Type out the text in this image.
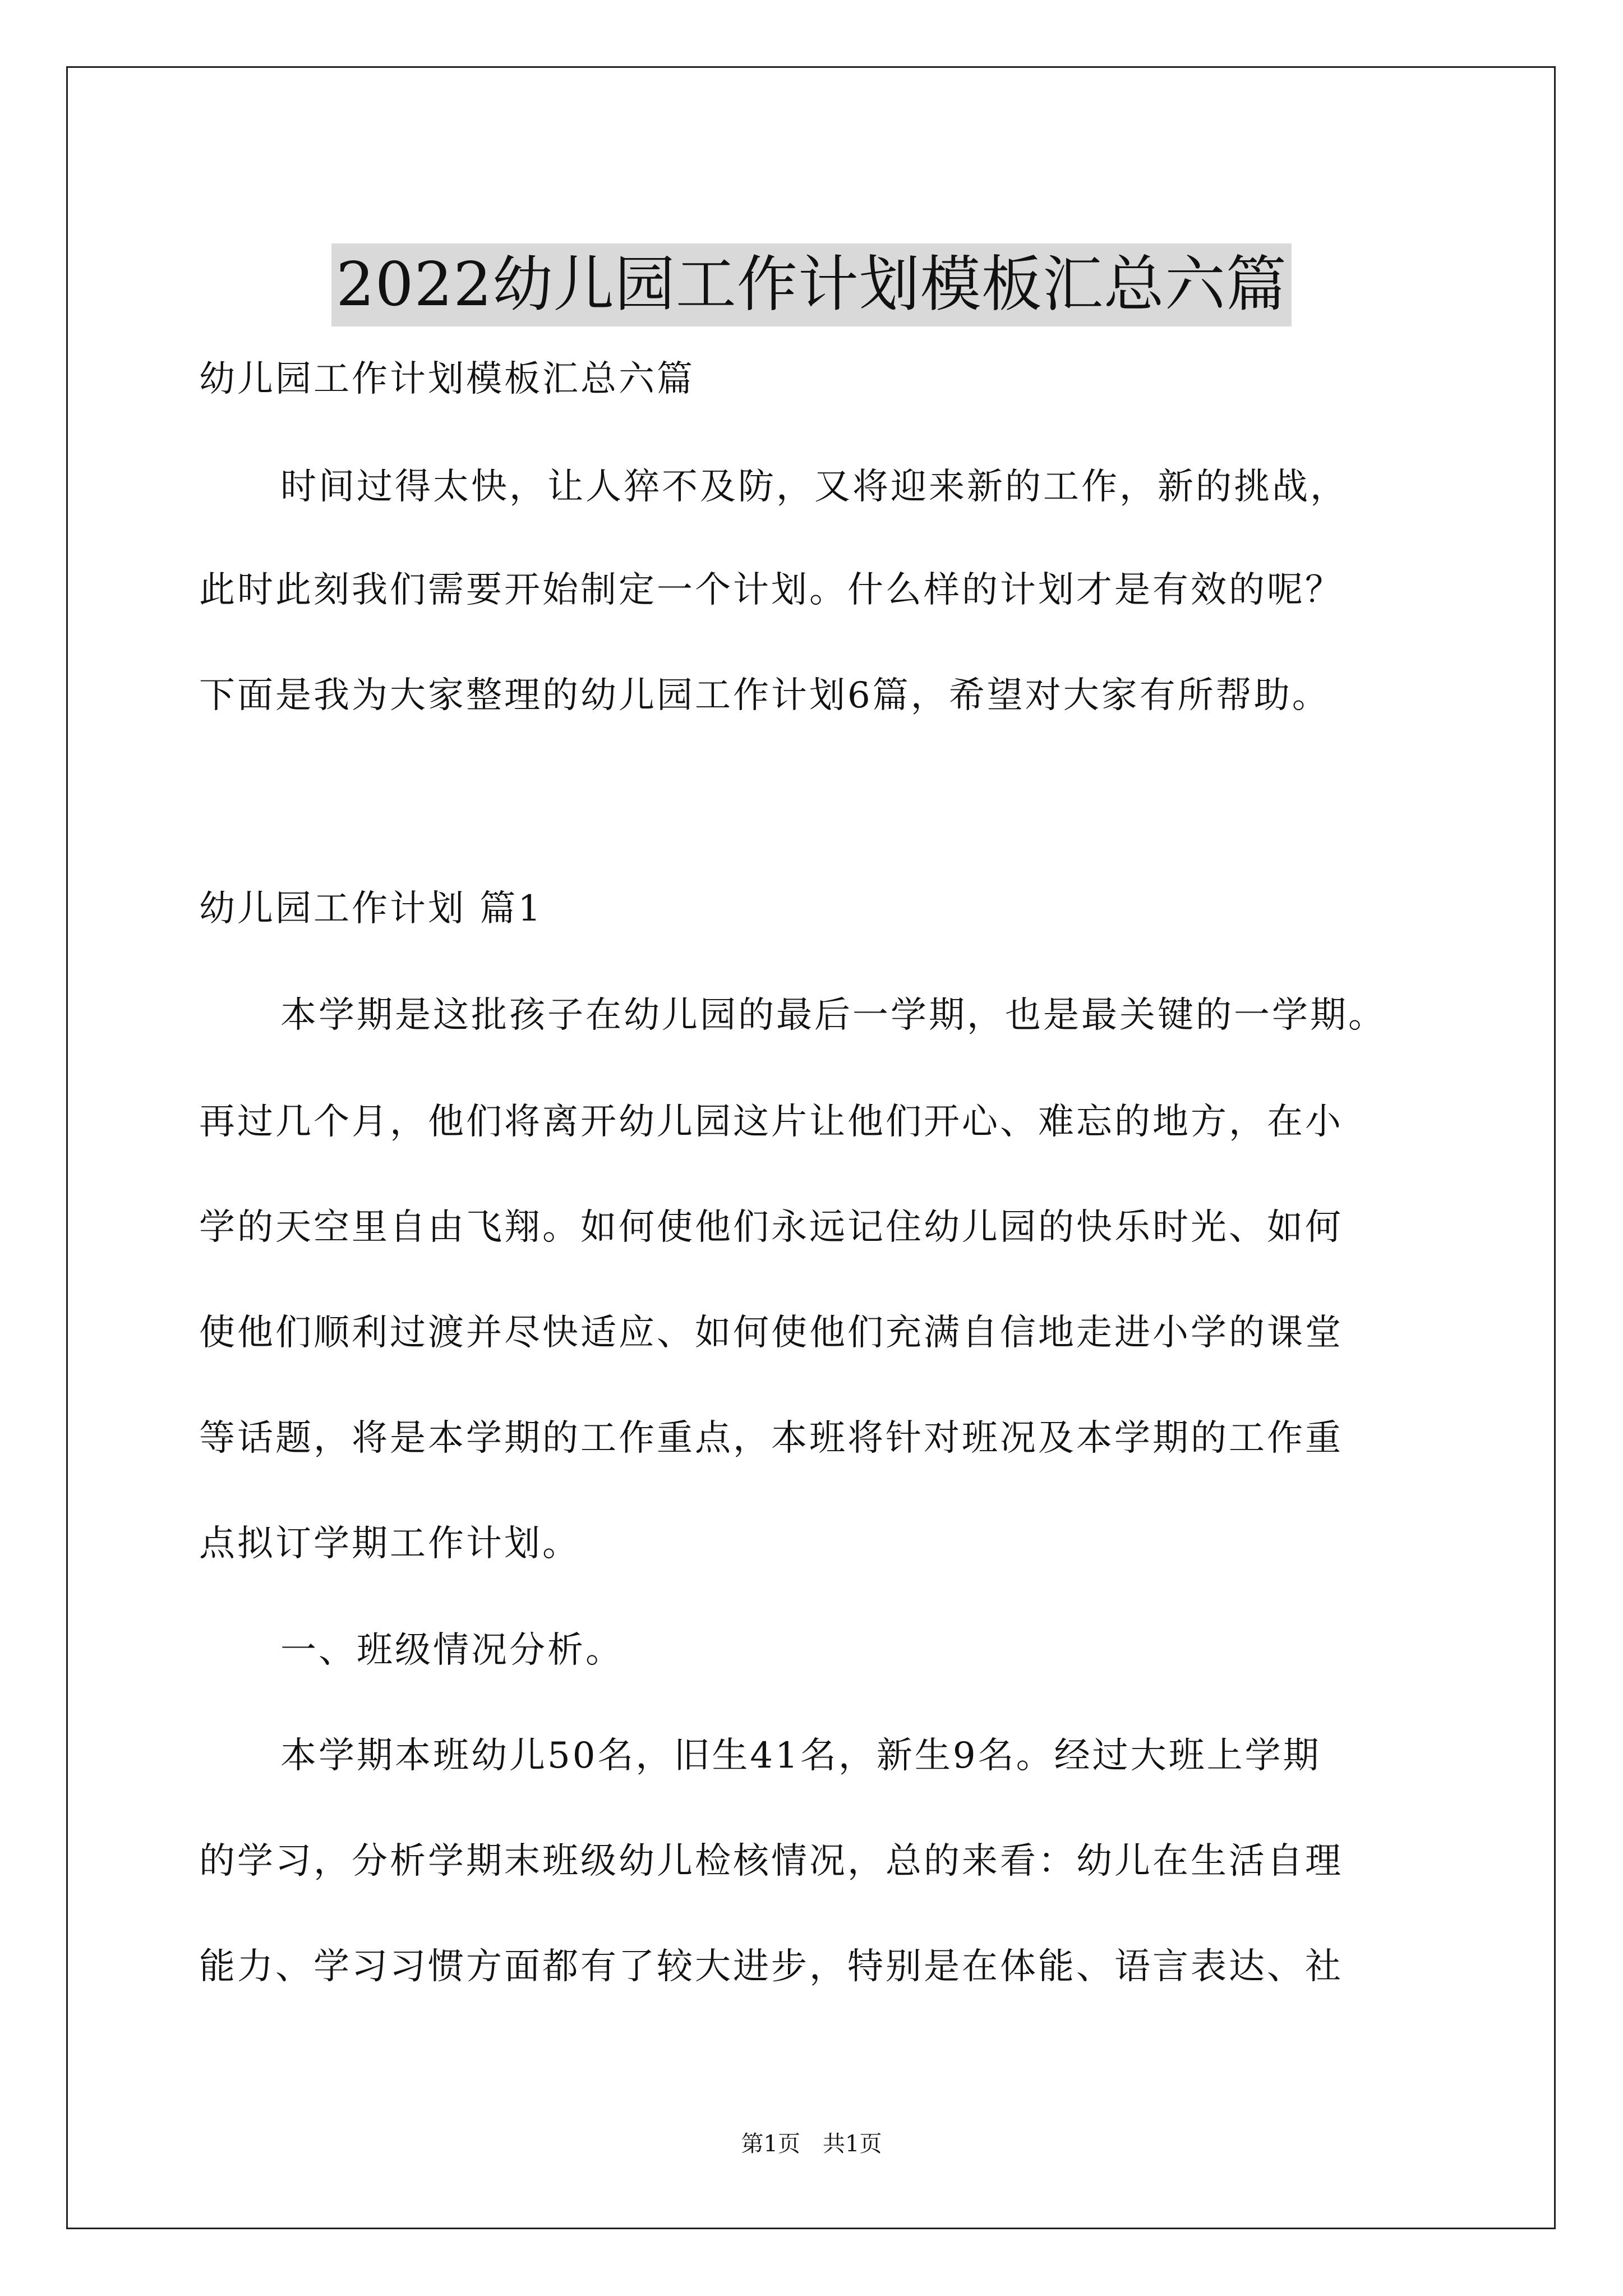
2022幼儿园工作计划模板汇总六篇
幼儿园工作计划模板汇总六篇
时间过得太快，让人猝不及防，又将迎来新的工作，新的挑战，
此时此刻我们需要开始制定一个计划。什么样的计划才是有效的呢？
下面是我为大家整理的幼儿园工作计划6篇，希望对大家有所帮助。
幼儿园工作计划 篇1
本学期是这批孩子在幼儿园的最后一学期，也是最关键的一学期。
再过几个月，他们将离开幼儿园这片让他们开心、难忘的地方，在小
学的天空里自由飞翔。如何使他们永远记住幼儿园的快乐时光、如何
使他们顺利过渡并尽快适应、如何使他们充满自信地走进小学的课堂
等话题，将是本学期的工作重点，本班将针对班况及本学期的工作重
点拟订学期工作计划。
一、班级情况分析。
本学期本班幼儿50名，旧生41名，新生9名。经过大班上学期
的学习，分析学期末班级幼儿检核情况，总的来看：幼儿在生活自理
能力、学习习惯方面都有了较大进步，特别是在体能、语言表达、社
第1页　共1页
